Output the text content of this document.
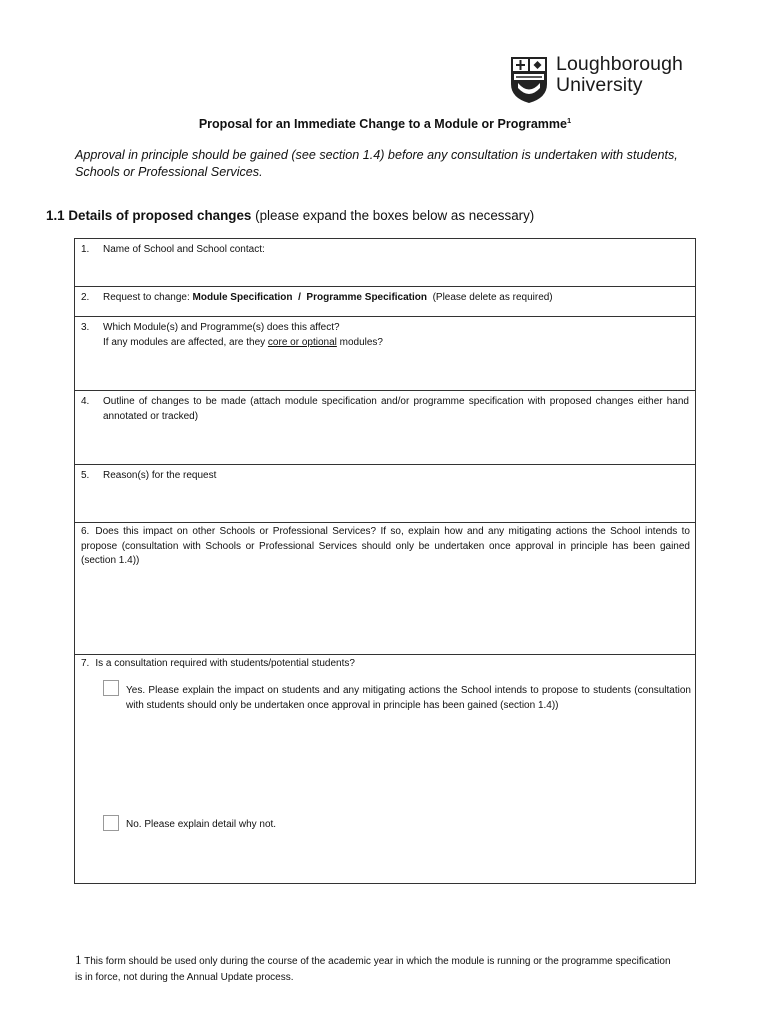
Loughborough
University
Proposal for an Immediate Change to a Module or Programme$^1$
Approval in principle should be gained (see section 1.4) before any consultation is undertaken with students, Schools or Professional Services.
1.1 Details of proposed changes (please expand the boxes below as necessary)
1. Name of School and School contact:
2. Request to change: Module Specification  /  Programme Specification  (Please delete as required)
3. Which Module(s) and Programme(s) does this affect?
If any modules are affected, are they core or optional modules?
4. Outline of changes to be made (attach module specification and/or programme specification with proposed changes either hand annotated or tracked)
5. Reason(s) for the request
6. Does this impact on other Schools or Professional Services? If so, explain how and any mitigating actions the School intends to propose (consultation with Schools or Professional Services should only be undertaken once approval in principle has been gained (section 1.4))
7. Is a consultation required with students/potential students?
Yes. Please explain the impact on students and any mitigating actions the School intends to propose to students (consultation with students should only be undertaken once approval in principle has been gained (section 1.4))
No. Please explain detail why not.
1 This form should be used only during the course of the academic year in which the module is running or the programme specification is in force, not during the Annual Update process.
